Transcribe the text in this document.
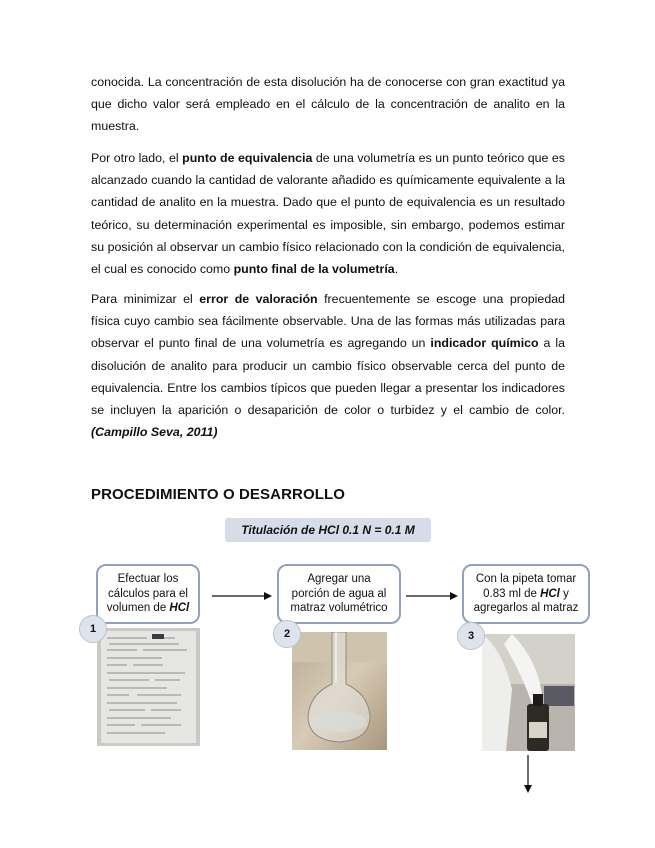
conocida. La concentración de esta disolución ha de conocerse con gran exactitud ya que dicho valor será empleado en el cálculo de la concentración de analito en la muestra.

Por otro lado, el punto de equivalencia de una volumetría es un punto teórico que es alcanzado cuando la cantidad de valorante añadido es químicamente equivalente a la cantidad de analito en la muestra. Dado que el punto de equivalencia es un resultado teórico, su determinación experimental es imposible, sin embargo, podemos estimar su posición al observar un cambio físico relacionado con la condición de equivalencia, el cual es conocido como punto final de la volumetría.

Para minimizar el error de valoración frecuentemente se escoge una propiedad física cuyo cambio sea fácilmente observable. Una de las formas más utilizadas para observar el punto final de una volumetría es agregando un indicador químico a la disolución de analito para producir un cambio físico observable cerca del punto de equivalencia. Entre los cambios típicos que pueden llegar a presentar los indicadores se incluyen la aparición o desaparición de color o turbidez y el cambio de color. (Campillo Seva, 2011)

PROCEDIMIENTO O DESARROLLO
Titulación de HCl 0.1 N = 0.1 M
Efectuar los cálculos para el volumen de HCl
Agregar una porción de agua al matraz volumétrico
Con la pipeta tomar 0.83 ml de HCl y agregarlos al matraz
1	2	3
